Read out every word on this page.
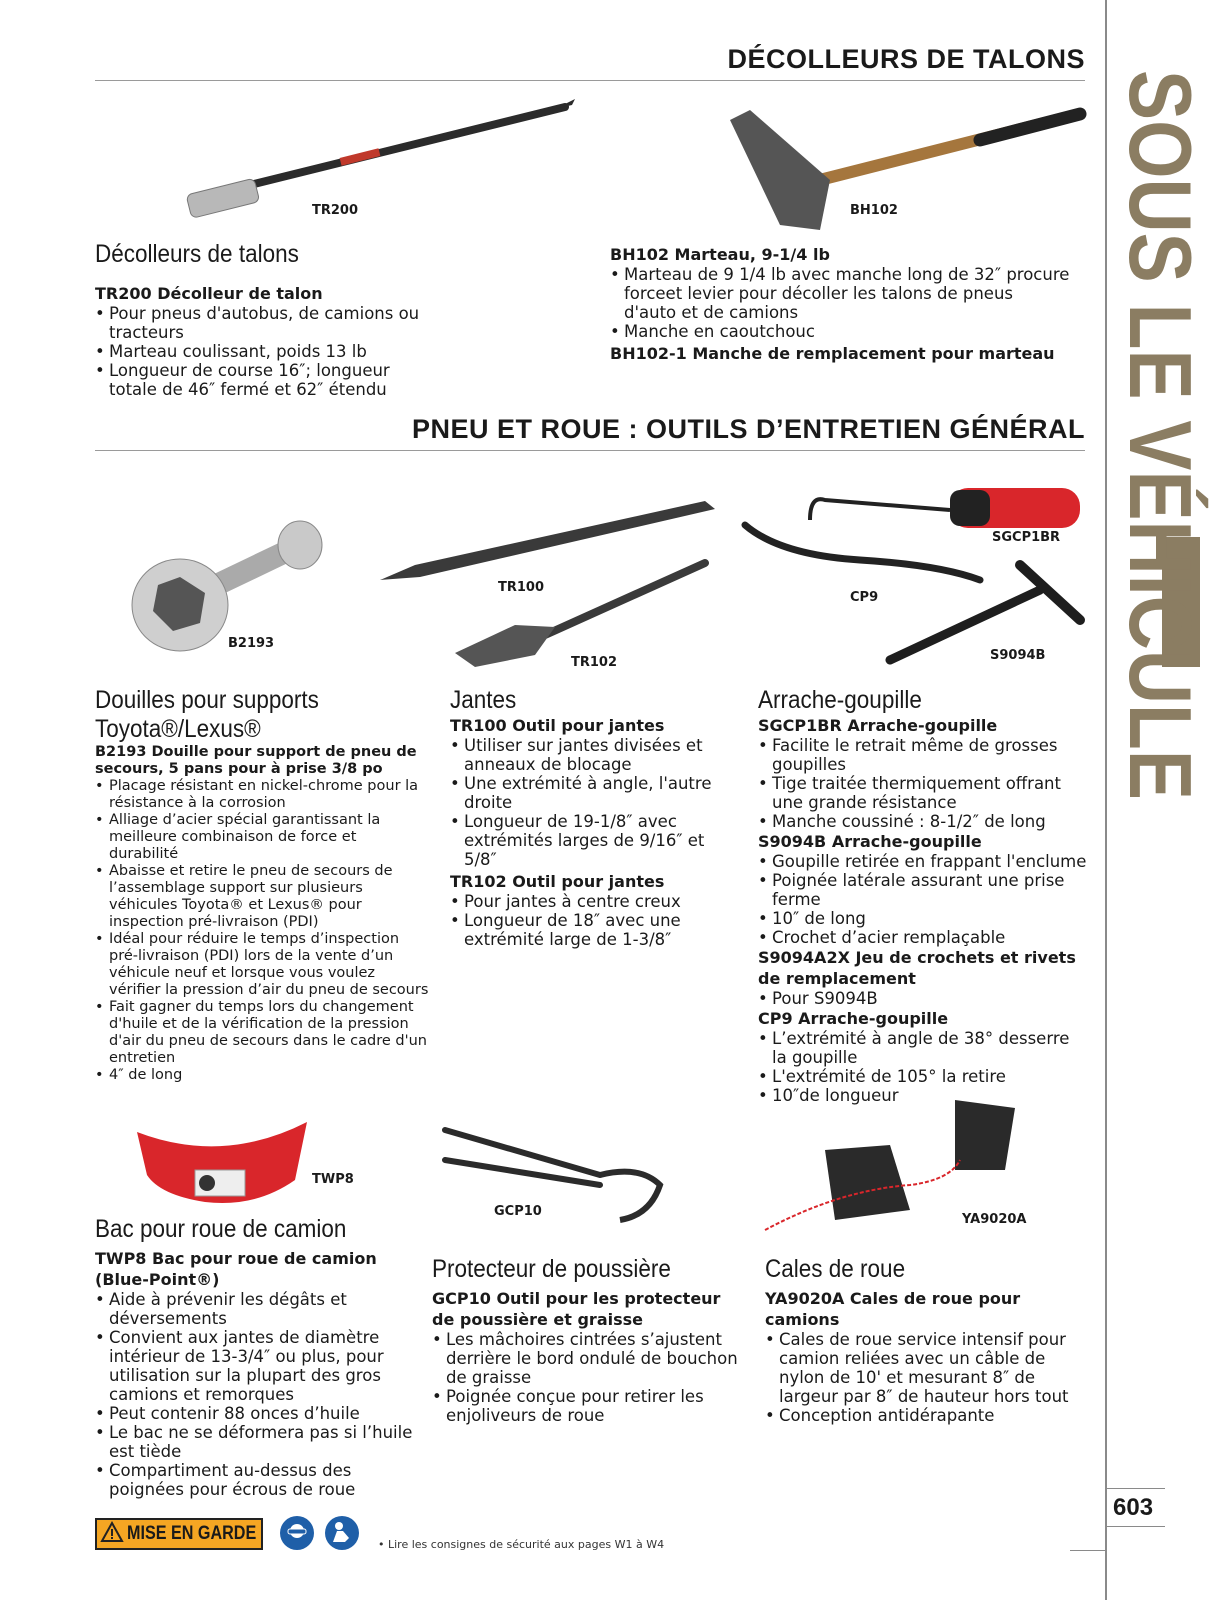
DÉCOLLEURS DE TALONS
PNEU ET ROUE : OUTILS D’ENTRETIEN GÉNÉRAL SOUS LE VÉHICULE
603
TR200	BH102
Décolleurs de talons
TR200 Décolleur de talon
• Pour pneus d'autobus, de camions ou tracteurs
• Marteau coulissant, poids 13 lb
• Longueur de course 16″; longueur totale de 46″ fermé et 62″ étendu
BH102 Marteau, 9-1/4 lb
• Marteau de 9 1/4 lb avec manche long de 32″ procure forceet levier pour décoller les talons de pneus d'auto et de camions
• Manche en caoutchouc
BH102-1 Manche de remplacement pour marteau
B2193
TR100
TR102
SGCP1BR
CP9
S9094B
Douilles pour supports
Toyota®/Lexus®
B2193 Douille pour support de pneu de secours, 5 pans pour à prise 3/8 po
• Placage résistant en nickel-chrome pour la résistance à la corrosion
• Alliage d’acier spécial garantissant la meilleure combinaison de force et durabilité
• Abaisse et retire le pneu de secours de l’assemblage support sur plusieurs véhicules Toyota® et Lexus® pour inspection pré-livraison (PDI)
• Idéal pour réduire le temps d’inspection pré-livraison (PDI) lors de la vente d’un véhicule neuf et lorsque vous voulez vérifier la pression d’air du pneu de secours
• Fait gagner du temps lors du changement d'huile et de la vérification de la pression d'air du pneu de secours dans le cadre d'un entretien
• 4″ de long
Jantes
TR100 Outil pour jantes
• Utiliser sur jantes divisées et anneaux de blocage
• Une extrémité à angle, l'autre droite
• Longueur de 19-1/8″ avec extrémités larges de 9/16″ et 5/8″
TR102 Outil pour jantes
• Pour jantes à centre creux
• Longueur de 18″ avec une extrémité large de 1-3/8″
Arrache-goupille
SGCP1BR Arrache-goupille
• Facilite le retrait même de grosses goupilles
• Tige traitée thermiquement offrant une grande résistance
• Manche coussiné : 8-1/2″ de long
S9094B Arrache-goupille
• Goupille retirée en frappant l'enclume
• Poignée latérale assurant une prise ferme
• 10″ de long
• Crochet d’acier remplaçable
S9094A2X Jeu de crochets et rivets de remplacement
• Pour S9094B
CP9 Arrache-goupille
• L’extrémité à angle de 38° desserre la goupille
• L'extrémité de 105° la retire
• 10″de longueur
TWP8
GCP10
YA9020A
Bac pour roue de camion
TWP8 Bac pour roue de camion (Blue-Point®)
• Aide à prévenir les dégâts et déversements
• Convient aux jantes de diamètre intérieur de 13-3/4″ ou plus, pour utilisation sur la plupart des gros camions et remorques
• Peut contenir 88 onces d’huile
• Le bac ne se déformera pas si l’huile est tiède
• Compartiment au-dessus des poignées pour écrous de roue
Protecteur de poussière
GCP10 Outil pour les protecteur de poussière et graisse
• Les mâchoires cintrées s’ajustent derrière le bord ondulé de bouchon de graisse
• Poignée conçue pour retirer les enjoliveurs de roue
Cales de roue
YA9020A Cales de roue pour camions
• Cales de roue service intensif pour camion reliées avec un câble de nylon de 10' et mesurant 8″ de largeur par 8″ de hauteur hors tout
• Conception antidérapante
MISE EN GARDE
• Lire les consignes de sécurité aux pages W1 à W4
